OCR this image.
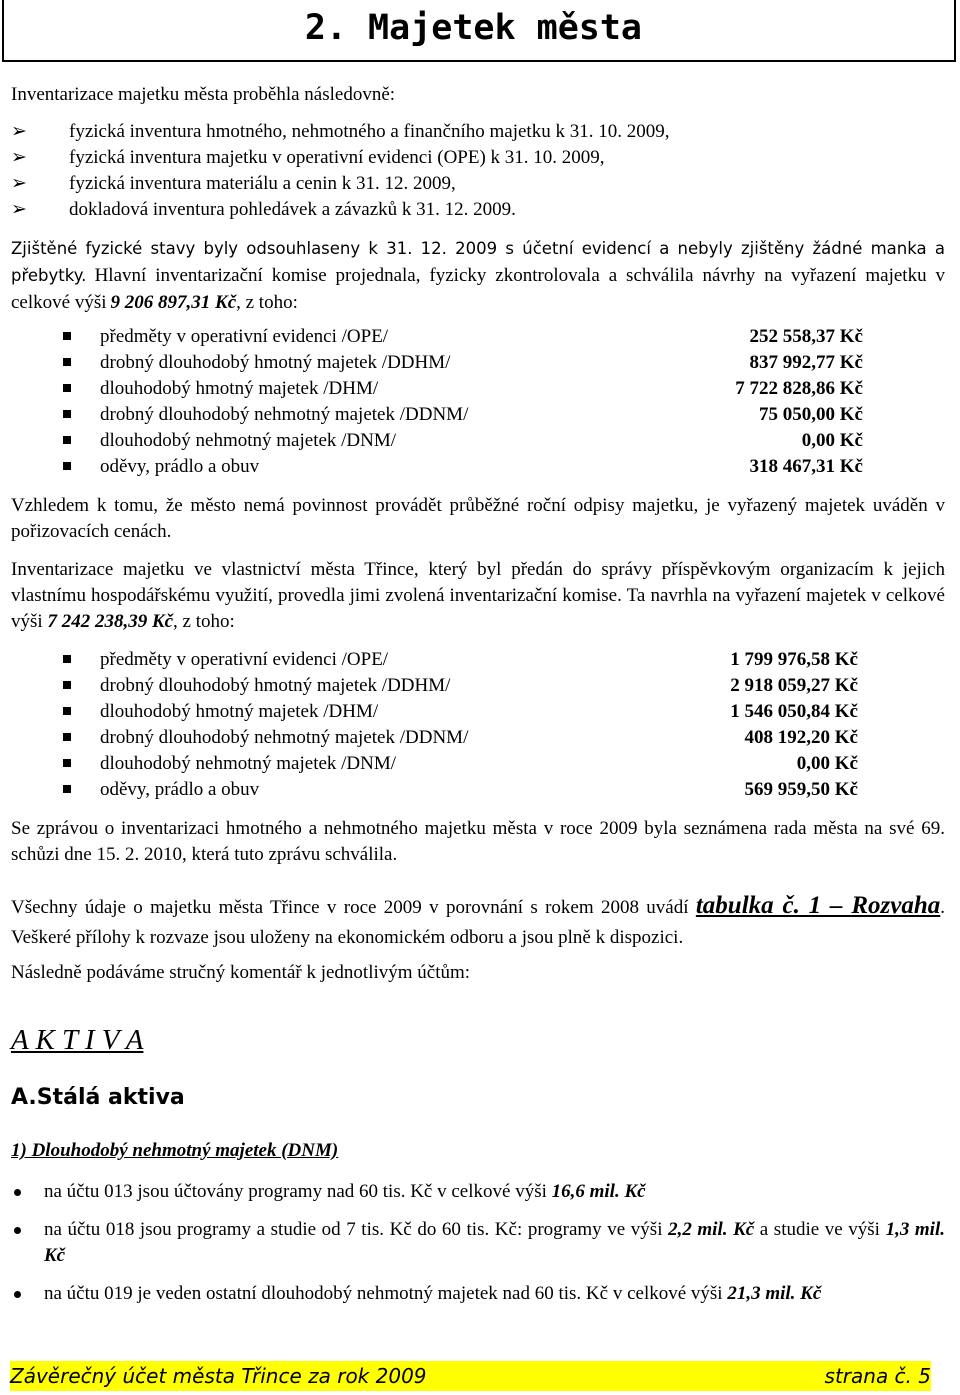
2. Majetek města
Inventarizace majetku města proběhla následovně:
➢	fyzická inventura hmotného, nehmotného a finančního majetku k 31. 10. 2009,
➢	fyzická inventura majetku v operativní evidenci (OPE) k 31. 10. 2009,
➢	fyzická inventura materiálu a cenin k 31. 12. 2009,
➢	dokladová inventura pohledávek a závazků k 31. 12. 2009.
Zjištěné fyzické stavy byly odsouhlaseny k 31. 12. 2009 s účetní evidencí a nebyly zjištěny žádné manka a přebytky. Hlavní inventarizační komise projednala, fyzicky zkontrolovala a schválila návrhy na vyřazení majetku v celkové výši 9 206 897,31 Kč, z toho:
předměty v operativní evidenci /OPE/	252 558,37 Kč
drobný dlouhodobý hmotný majetek /DDHM/	837 992,77 Kč
dlouhodobý hmotný majetek /DHM/	7 722 828,86 Kč
drobný dlouhodobý nehmotný majetek /DDNM/	75 050,00 Kč
dlouhodobý nehmotný majetek /DNM/	0,00 Kč
oděvy, prádlo a obuv	318 467,31 Kč
Vzhledem k tomu, že město nemá povinnost provádět průběžné roční odpisy majetku, je vyřazený majetek uváděn v pořizovacích cenách.
Inventarizace majetku ve vlastnictví města Třince, který byl předán do správy příspěvkovým organizacím k jejich vlastnímu hospodářskému využití, provedla jimi zvolená inventarizační komise. Ta navrhla na vyřazení majetek v celkové výši 7 242 238,39 Kč, z toho:
předměty v operativní evidenci /OPE/	1 799 976,58 Kč
drobný dlouhodobý hmotný majetek /DDHM/	2 918 059,27 Kč
dlouhodobý hmotný majetek /DHM/	1 546 050,84 Kč
drobný dlouhodobý nehmotný majetek /DDNM/	408 192,20 Kč
dlouhodobý nehmotný majetek /DNM/	0,00 Kč
oděvy, prádlo a obuv	569 959,50 Kč
Se zprávou o inventarizaci hmotného a nehmotného majetku města v roce 2009 byla seznámena rada města na své 69. schůzi dne 15. 2. 2010, která tuto zprávu schválila.
Všechny údaje o majetku města Třince v roce 2009 v porovnání s rokem 2008 uvádí tabulka č. 1 – Rozvaha. Veškeré přílohy k rozvaze jsou uloženy na ekonomickém odboru a jsou plně k dispozici.
Následně podáváme stručný komentář k jednotlivým účtům:
A K T I V A
A.Stálá aktiva
1) Dlouhodobý nehmotný majetek (DNM)
na účtu 013 jsou účtovány programy nad 60 tis. Kč v celkové výši 16,6 mil. Kč
na účtu 018 jsou programy a studie od 7 tis. Kč do 60 tis. Kč: programy ve výši 2,2 mil. Kč a studie ve výši 1,3 mil. Kč
na účtu 019 je veden ostatní dlouhodobý nehmotný majetek nad 60 tis. Kč v celkové výši 21,3 mil. Kč
Závěrečný účet města Třince za rok 2009	strana č. 5
